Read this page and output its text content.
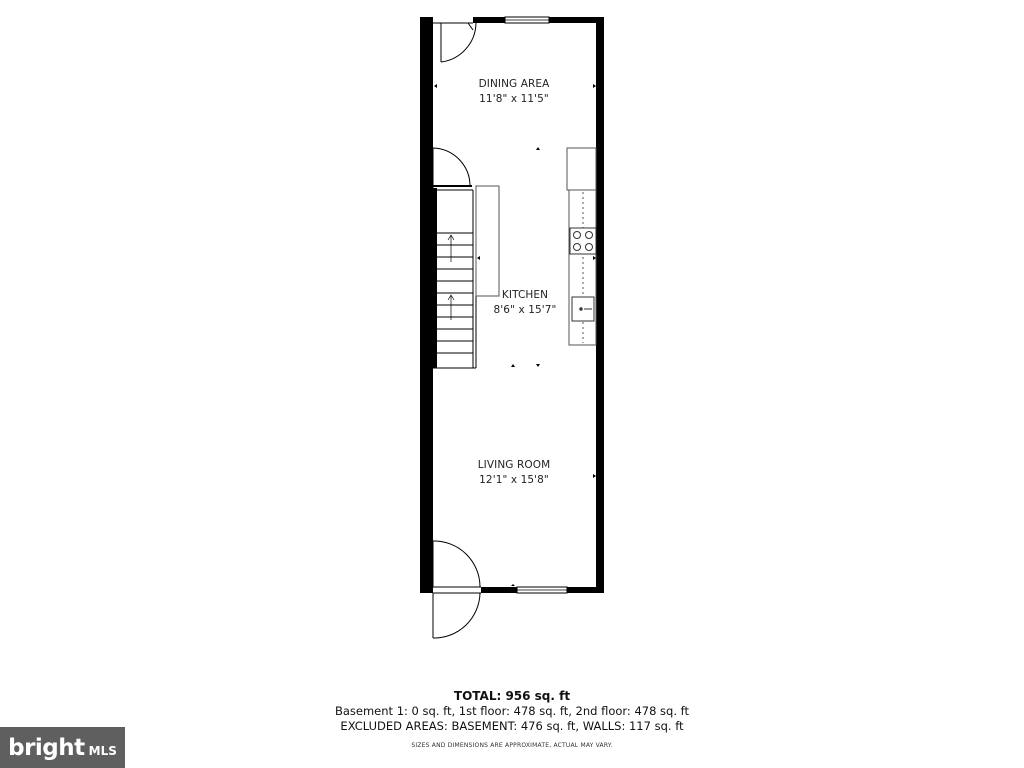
DINING AREA
11'8" x 11'5"
KITCHEN
8'6" x 15'7"
LIVING ROOM
12'1" x 15'8"
TOTAL: 956 sq. ft
Basement 1: 0 sq. ft, 1st floor: 478 sq. ft, 2nd floor: 478 sq. ft
EXCLUDED AREAS: BASEMENT: 476 sq. ft, WALLS: 117 sq. ft
SIZES AND DIMENSIONS ARE APPROXIMATE, ACTUAL MAY VARY.
bright MLS
